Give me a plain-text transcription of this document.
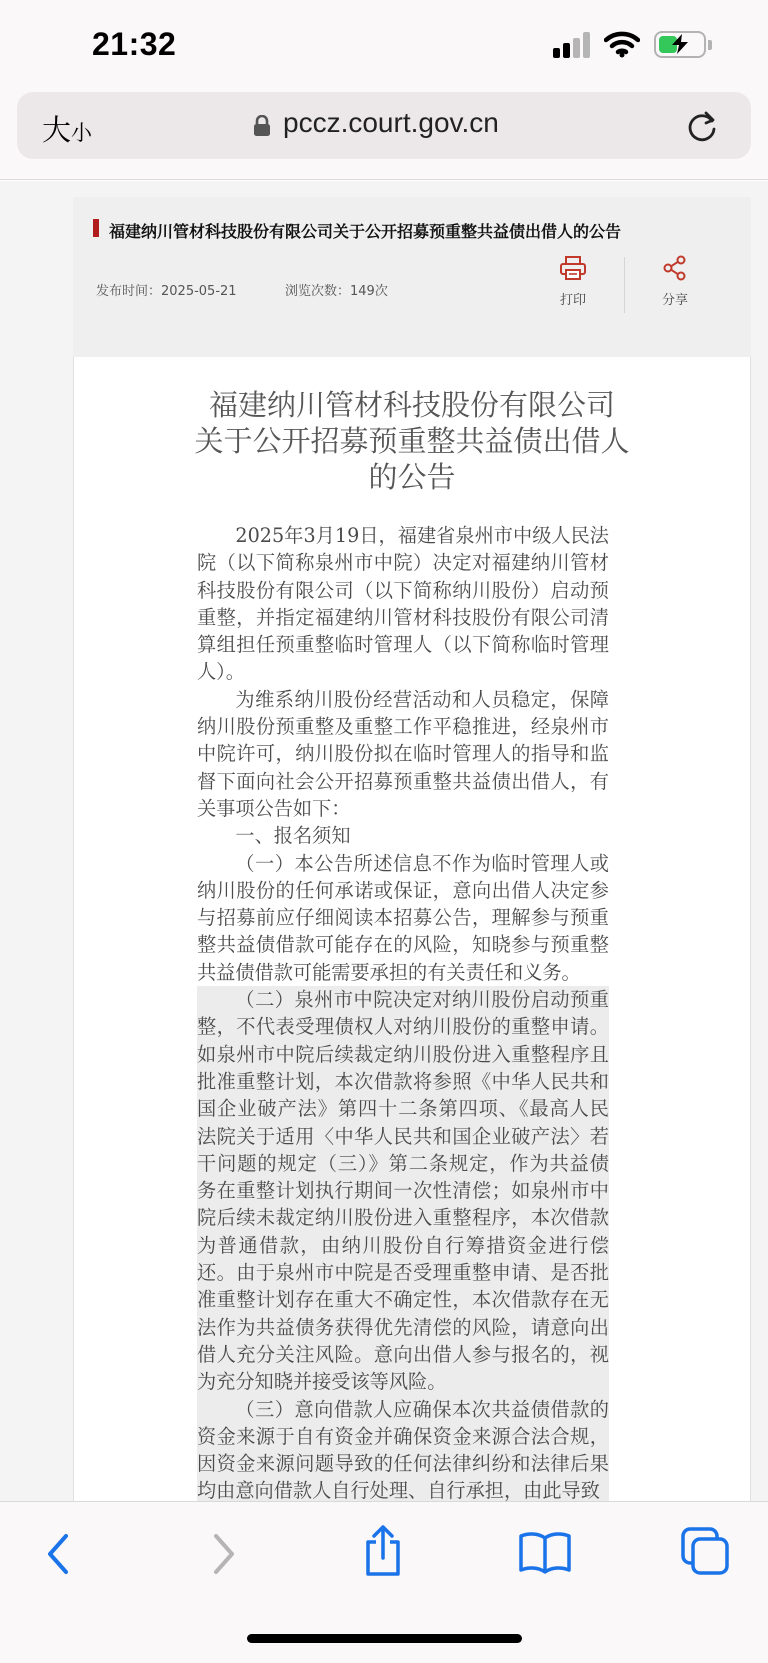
21:32
大小	pccz.court.gov.cn
福建纳川管材科技股份有限公司关于公开招募预重整共益债出借人的公告
发布时间：2025-05-21	浏览次数：149次
打印	分享
福建纳川管材科技股份有限公司
关于公开招募预重整共益债出借人
的公告

2025年3月19日，福建省泉州市中级人民法院（以下简称泉州市中院）决定对福建纳川管材科技股份有限公司（以下简称纳川股份）启动预重整，并指定福建纳川管材科技股份有限公司清算组担任预重整临时管理人（以下简称临时管理人）。

为维系纳川股份经营活动和人员稳定，保障纳川股份预重整及重整工作平稳推进，经泉州市中院许可，纳川股份拟在临时管理人的指导和监督下面向社会公开招募预重整共益债出借人，有关事项公告如下：

一、报名须知

（一）本公告所述信息不作为临时管理人或纳川股份的任何承诺或保证，意向出借人决定参与招募前应仔细阅读本招募公告，理解参与预重整共益债借款可能存在的风险，知晓参与预重整共益债借款可能需要承担的有关责任和义务。

（二）泉州市中院决定对纳川股份启动预重整，不代表受理债权人对纳川股份的重整申请。如泉州市中院后续裁定纳川股份进入重整程序且批准重整计划，本次借款将参照《中华人民共和国企业破产法》第四十二条第四项、《最高人民法院关于适用〈中华人民共和国企业破产法〉若干问题的规定（三）》第二条规定，作为共益债务在重整计划执行期间一次性清偿；如泉州市中院后续未裁定纳川股份进入重整程序，本次借款为普通借款，由纳川股份自行筹措资金进行偿还。由于泉州市中院是否受理重整申请、是否批准重整计划存在重大不确定性，本次借款存在无法作为共益债务获得优先清偿的风险，请意向出借人充分关注风险。意向出借人参与报名的，视为充分知晓并接受该等风险。

（三）意向借款人应确保本次共益债借款的资金来源于自有资金并确保资金来源合法合规，因资金来源问题导致的任何法律纠纷和法律后果均由意向借款人自行处理、自行承担，由此导致
